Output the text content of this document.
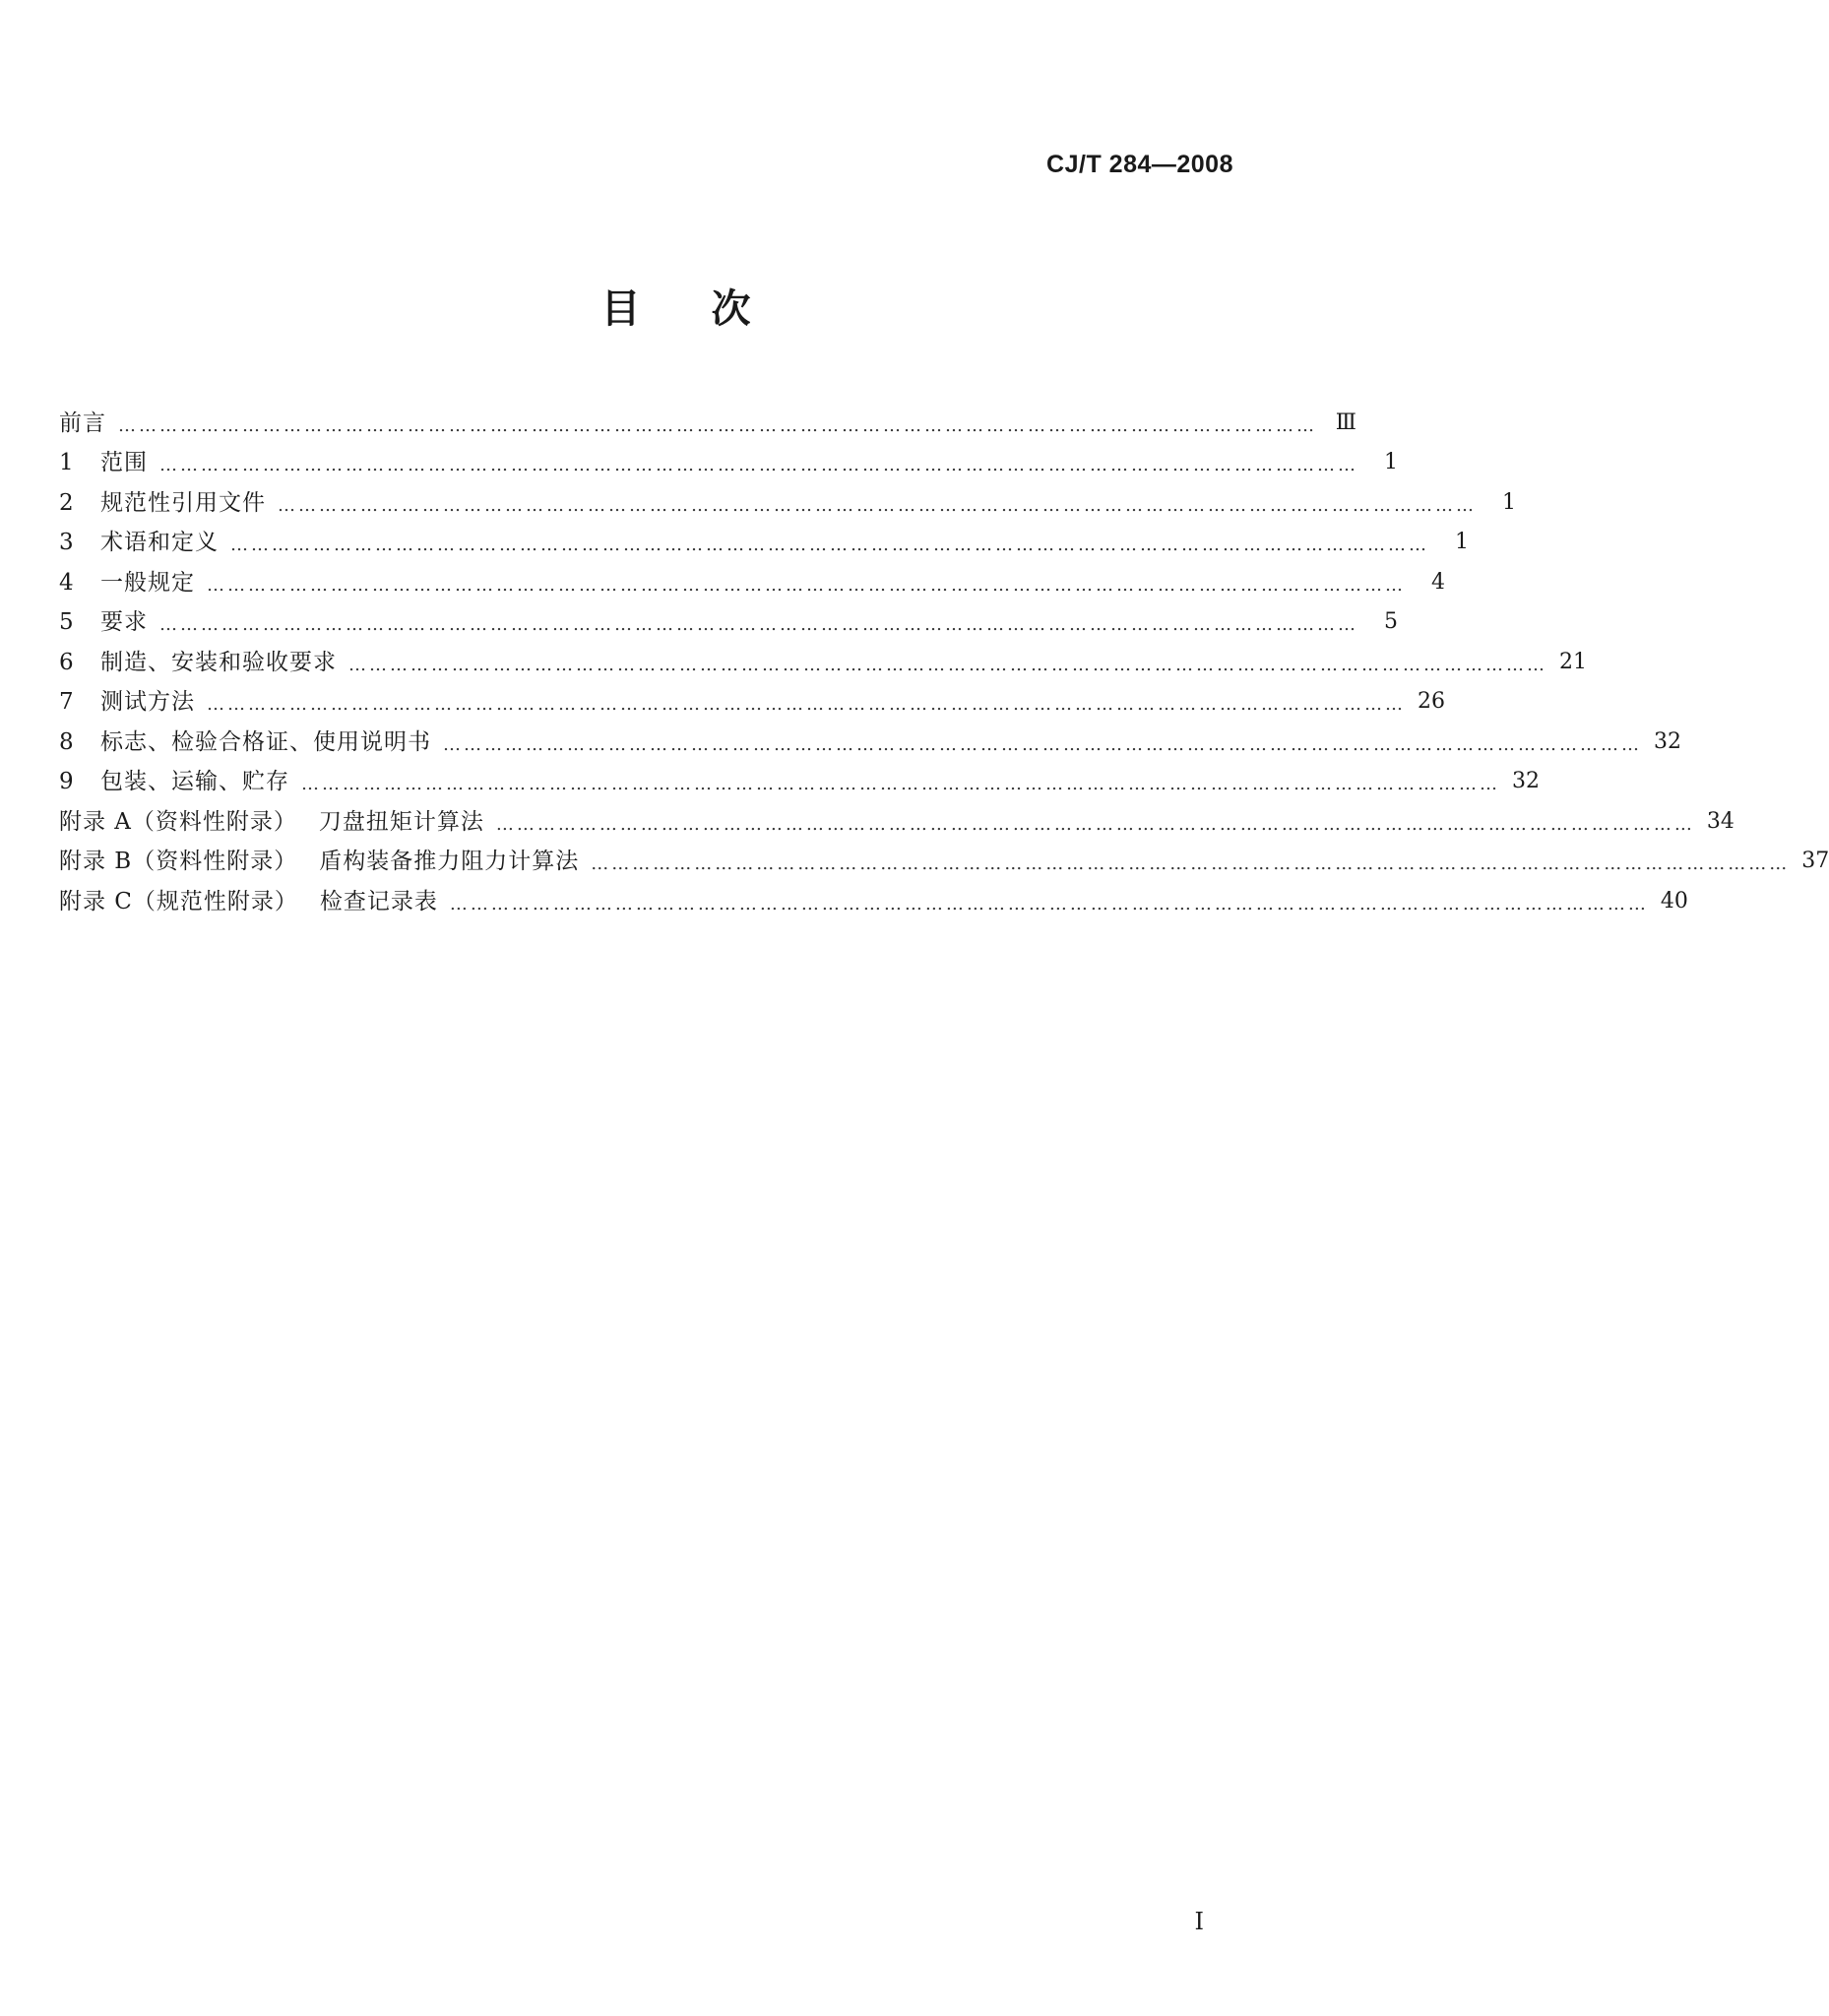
CJ/T 284—2008
目次
前言 ………………………………………………………………………………………………………………………………………………………… Ⅲ
1	范围 …………………………………………………………………………………………………………………………………………………………	1
2	规范性引用文件 …………………………………………………………………………………………………………………………………………………………	1
3	术语和定义 …………………………………………………………………………………………………………………………………………………………	1
4	一般规定 …………………………………………………………………………………………………………………………………………………………	4
5	要求 …………………………………………………………………………………………………………………………………………………………	5
6	制造、安装和验收要求 ………………………………………………………………………………………………………………………………………………………… 21
7	测试方法 ………………………………………………………………………………………………………………………………………………………… 26
8	标志、检验合格证、使用说明书 ………………………………………………………………………………………………………………………………………………………… 32
9	包装、运输、贮存 ………………………………………………………………………………………………………………………………………………………… 32
附录 A（资料性附录） 刀盘扭矩计算法 ………………………………………………………………………………………………………………………………………………………… 34
附录 B（资料性附录） 盾构装备推力阻力计算法 ………………………………………………………………………………………………………………………………………………………… 37
附录 C（规范性附录） 检查记录表 ………………………………………………………………………………………………………………………………………………………… 40
I
